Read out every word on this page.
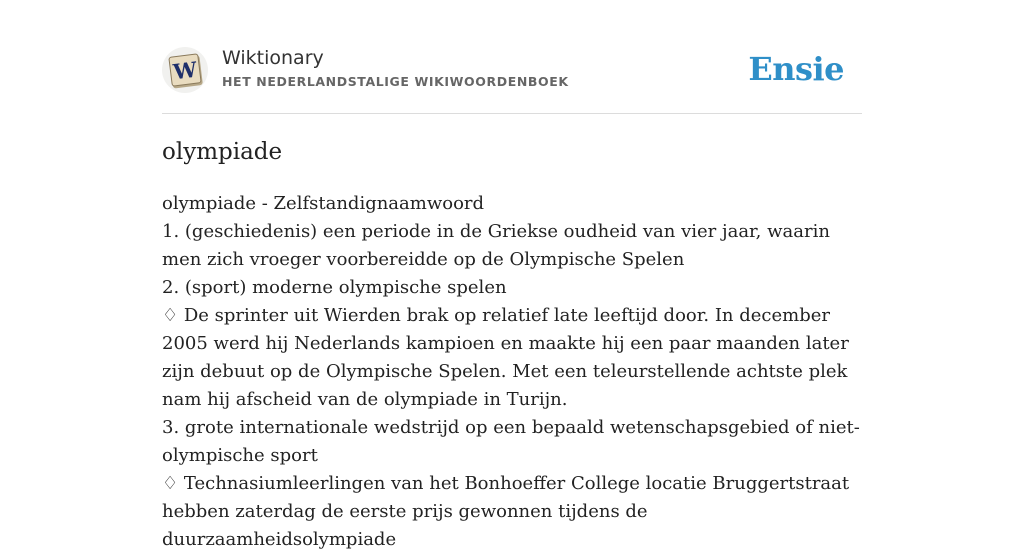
W Wiktionary
HET NEDERLANDSTALIGE WIKIWOORDENBOEK	Ensie
olympiade

olympiade - Zelfstandignaamwoord

1. (geschiedenis) een periode in de Griekse oudheid van vier jaar, waarin men zich vroeger voorbereidde op de Olympische Spelen

2. (sport) moderne olympische spelen

♢ De sprinter uit Wierden brak op relatief late leeftijd door. In december 2005 werd hij Nederlands kampioen en maakte hij een paar maanden later zijn debuut op de Olympische Spelen. Met een teleurstellende achtste plek nam hij afscheid van de olympiade in Turijn.

3. grote internationale wedstrijd op een bepaald wetenschapsgebied of niet-olympische sport

♢ Technasiumleerlingen van het Bonhoeffer College locatie Bruggertstraat hebben zaterdag de eerste prijs gewonnen tijdens de duurzaamheidsolympiade
